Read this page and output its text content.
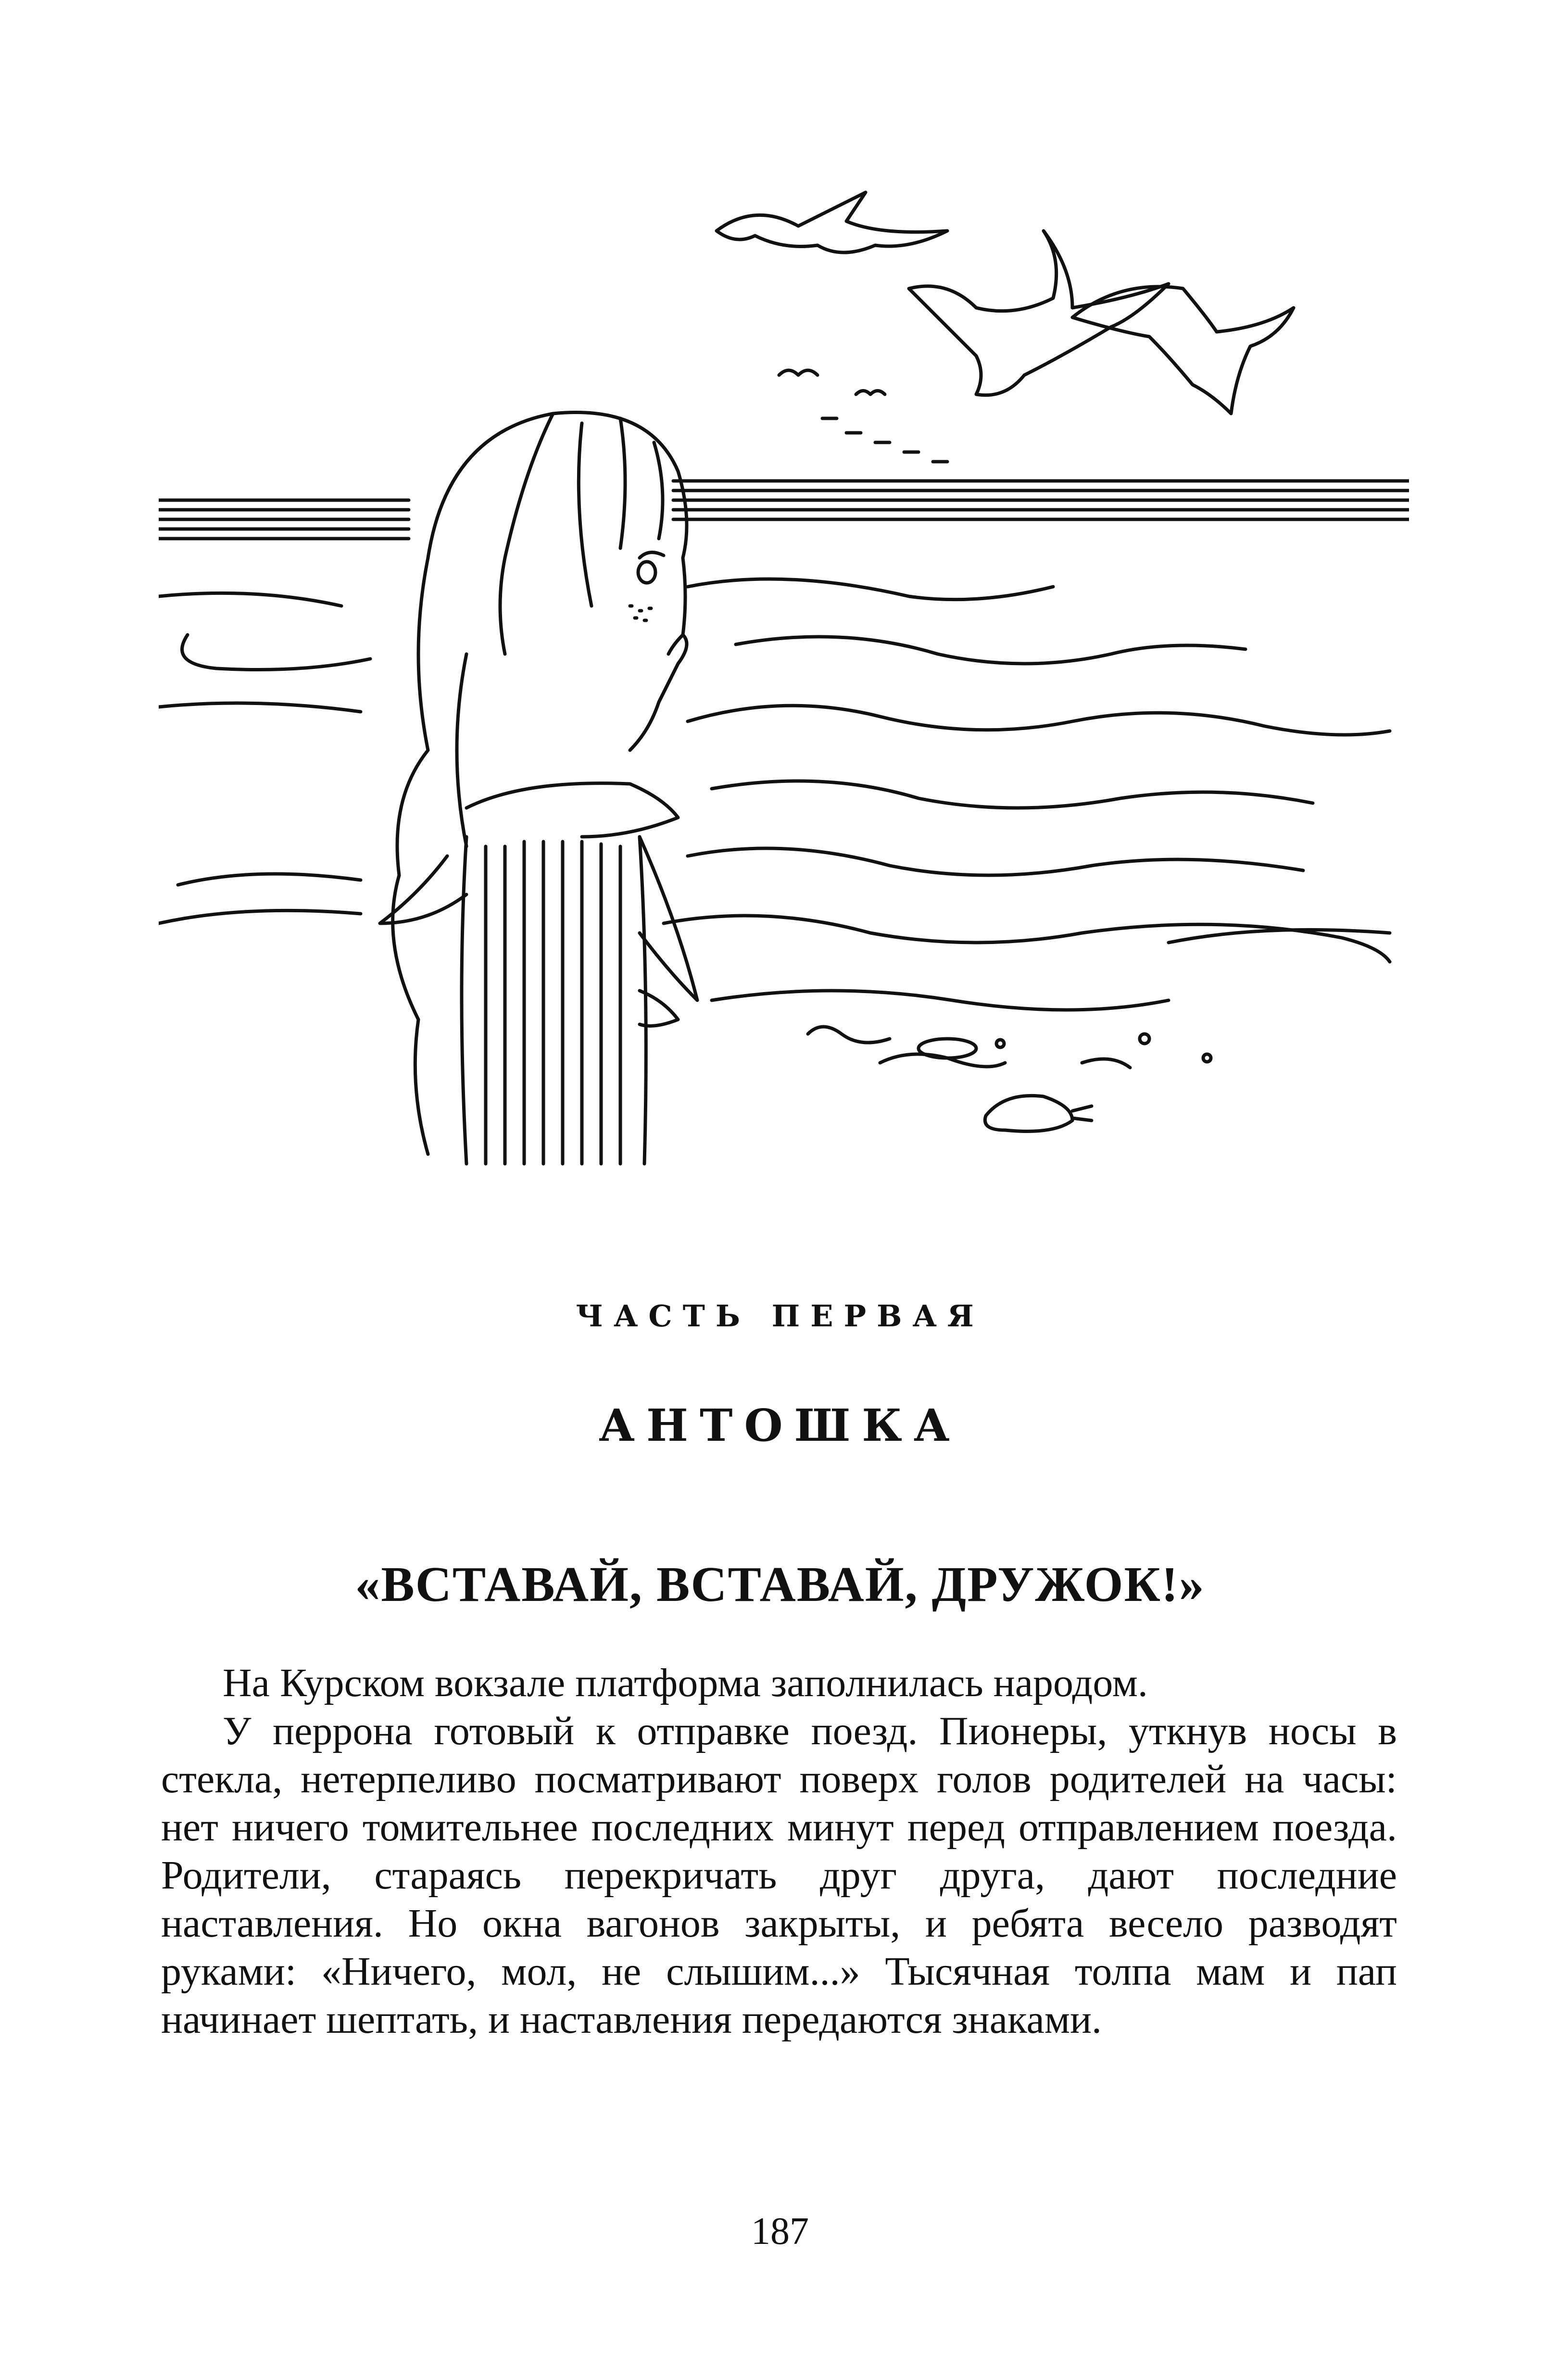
ЧАСТЬ ПЕРВАЯ
АНТОШКА
«ВСТАВАЙ, ВСТАВАЙ, ДРУЖОК!»

На Курском вокзале платформа заполнилась народом.

У перрона готовый к отправке поезд. Пионеры, уткнув носы в стекла, нетерпеливо посматривают поверх голов родителей на часы: нет ничего томительнее последних минут перед отправлением поезда. Родители, стараясь перекричать друг друга, дают последние наставления. Но окна вагонов закрыты, и ребята весело разводят руками: «Ничего, мол, не слышим...» Тысячная толпа мам и пап начинает шептать, и наставления передаются знаками.

187
